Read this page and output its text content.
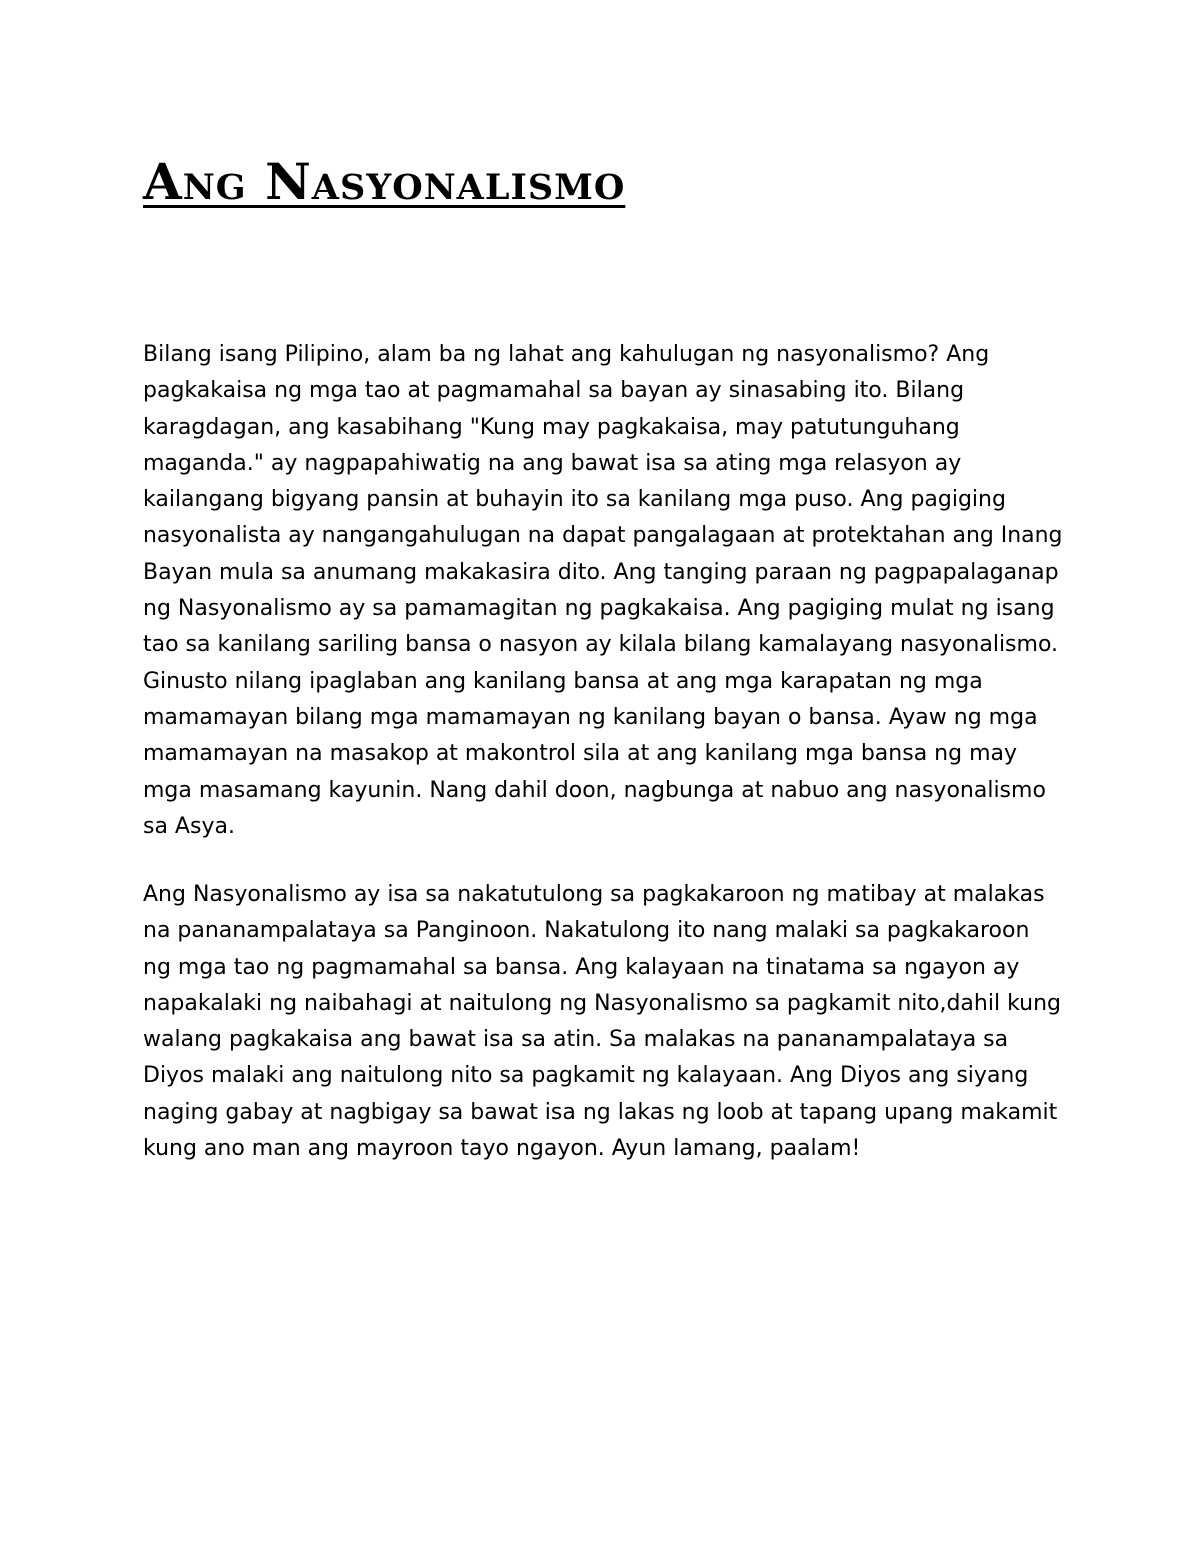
Ang Nasyonalismo
Bilang isang Pilipino, alam ba ng lahat ang kahulugan ng nasyonalismo? Ang
pagkakaisa ng mga tao at pagmamahal sa bayan ay sinasabing ito. Bilang
karagdagan, ang kasabihang "Kung may pagkakaisa, may patutunguhang
maganda." ay nagpapahiwatig na ang bawat isa sa ating mga relasyon ay
kailangang bigyang pansin at buhayin ito sa kanilang mga puso. Ang pagiging
nasyonalista ay nangangahulugan na dapat pangalagaan at protektahan ang Inang
Bayan mula sa anumang makakasira dito. Ang tanging paraan ng pagpapalaganap
ng Nasyonalismo ay sa pamamagitan ng pagkakaisa. Ang pagiging mulat ng isang
tao sa kanilang sariling bansa o nasyon ay kilala bilang kamalayang nasyonalismo.
Ginusto nilang ipaglaban ang kanilang bansa at ang mga karapatan ng mga
mamamayan bilang mga mamamayan ng kanilang bayan o bansa. Ayaw ng mga
mamamayan na masakop at makontrol sila at ang kanilang mga bansa ng may
mga masamang kayunin. Nang dahil doon, nagbunga at nabuo ang nasyonalismo
sa Asya.
Ang Nasyonalismo ay isa sa nakatutulong sa pagkakaroon ng matibay at malakas
na pananampalataya sa Panginoon. Nakatulong ito nang malaki sa pagkakaroon
ng mga tao ng pagmamahal sa bansa. Ang kalayaan na tinatama sa ngayon ay
napakalaki ng naibahagi at naitulong ng Nasyonalismo sa pagkamit nito,dahil kung
walang pagkakaisa ang bawat isa sa atin. Sa malakas na pananampalataya sa
Diyos malaki ang naitulong nito sa pagkamit ng kalayaan. Ang Diyos ang siyang
naging gabay at nagbigay sa bawat isa ng lakas ng loob at tapang upang makamit
kung ano man ang mayroon tayo ngayon. Ayun lamang, paalam!
